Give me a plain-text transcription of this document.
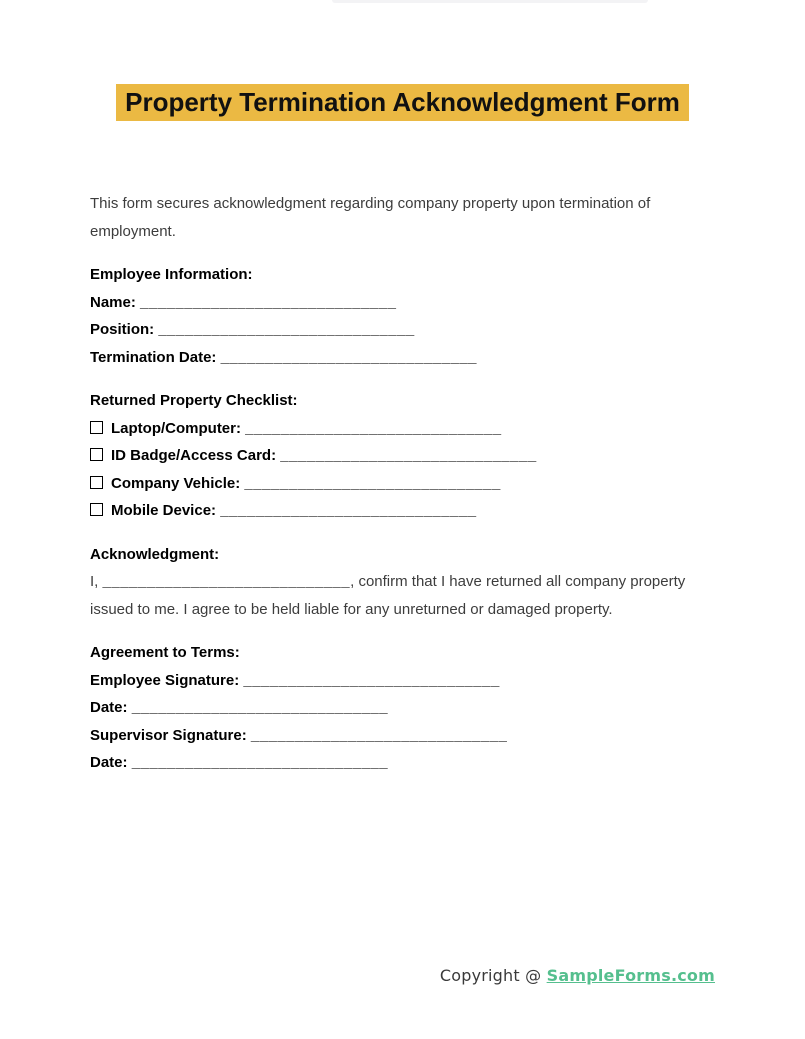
Property Termination Acknowledgment Form

This form secures acknowledgment regarding company property upon termination of employment.

Employee Information:
Name: _____________________________
Position: _____________________________
Termination Date: _____________________________
Returned Property Checklist:
Laptop/Computer: _____________________________
ID Badge/Access Card: _____________________________
Company Vehicle: _____________________________
Mobile Device: _____________________________
Acknowledgment:
I, ____________________________, confirm that I have returned all company property issued to me. I agree to be held liable for any unreturned or damaged property.
Agreement to Terms:
Employee Signature: _____________________________
Date: _____________________________
Supervisor Signature: _____________________________
Date: _____________________________
Copyright @ SampleForms.com
